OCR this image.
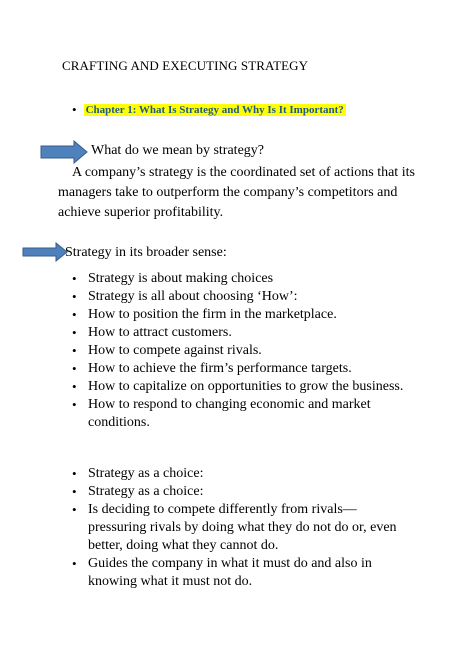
CRAFTING AND EXECUTING STRATEGY
• Chapter 1: What Is Strategy and Why Is It Important?
What do we mean by strategy?
A company’s strategy is the coordinated set of actions that its managers take to outperform the company’s competitors and achieve superior profitability.
Strategy in its broader sense:
• Strategy is about making choices
• Strategy is all about choosing ‘How’:
• How to position the firm in the marketplace.
• How to attract customers.
• How to compete against rivals.
• How to achieve the firm’s performance targets.
• How to capitalize on opportunities to grow the business.
• How to respond to changing economic and market conditions.
• Strategy as a choice:
• Strategy as a choice:
• Is deciding to compete differently from rivals—pressuring rivals by doing what they do not do or, even better, doing what they cannot do.
• Guides the company in what it must do and also in knowing what it must not do.
